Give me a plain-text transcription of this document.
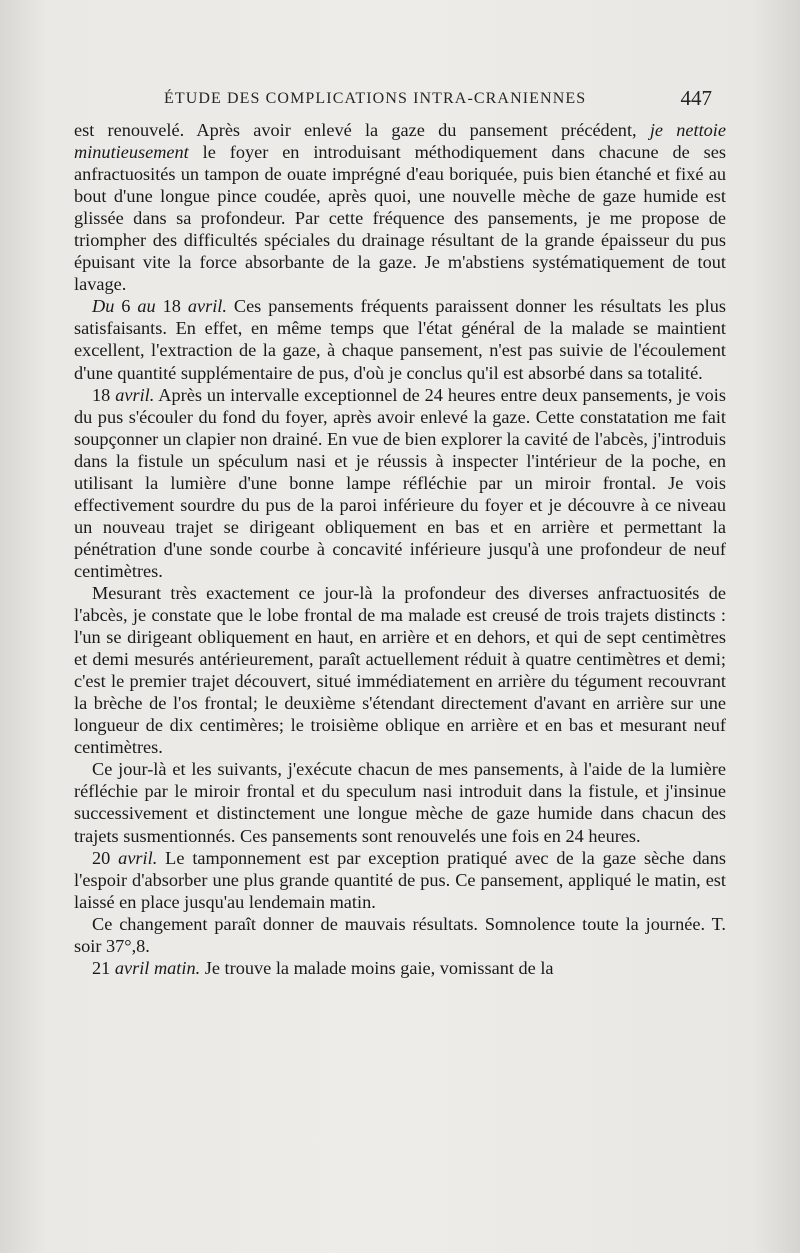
ÉTUDE DES COMPLICATIONS INTRA-CRANIENNES	447

est renouvelé. Après avoir enlevé la gaze du pansement précédent, je nettoie minutieusement le foyer en introduisant méthodiquement dans chacune de ses anfractuosités un tampon de ouate imprégné d'eau boriquée, puis bien étanché et fixé au bout d'une longue pince coudée, après quoi, une nouvelle mèche de gaze humide est glissée dans sa profondeur. Par cette fréquence des pansements, je me propose de triompher des difficultés spéciales du drainage résultant de la grande épaisseur du pus épuisant vite la force absorbante de la gaze. Je m'abstiens systématiquement de tout lavage.

Du 6 au 18 avril. Ces pansements fréquents paraissent donner les résultats les plus satisfaisants. En effet, en même temps que l'état général de la malade se maintient excellent, l'extraction de la gaze, à chaque pansement, n'est pas suivie de l'écoulement d'une quantité supplémentaire de pus, d'où je conclus qu'il est absorbé dans sa totalité.

18 avril. Après un intervalle exceptionnel de 24 heures entre deux pansements, je vois du pus s'écouler du fond du foyer, après avoir enlevé la gaze. Cette constatation me fait soupçonner un clapier non drainé. En vue de bien explorer la cavité de l'abcès, j'introduis dans la fistule un spéculum nasi et je réussis à inspecter l'intérieur de la poche, en utilisant la lumière d'une bonne lampe réfléchie par un miroir frontal. Je vois effectivement sourdre du pus de la paroi inférieure du foyer et je découvre à ce niveau un nouveau trajet se dirigeant obliquement en bas et en arrière et permettant la pénétration d'une sonde courbe à concavité inférieure jusqu'à une profondeur de neuf centimètres.

Mesurant très exactement ce jour-là la profondeur des diverses anfractuosités de l'abcès, je constate que le lobe frontal de ma malade est creusé de trois trajets distincts : l'un se dirigeant obliquement en haut, en arrière et en dehors, et qui de sept centimètres et demi mesurés antérieurement, paraît actuellement réduit à quatre centimètres et demi; c'est le premier trajet découvert, situé immédiatement en arrière du tégument recouvrant la brèche de l'os frontal; le deuxième s'étendant directement d'avant en arrière sur une longueur de dix centimères; le troisième oblique en arrière et en bas et mesurant neuf centimètres.

Ce jour-là et les suivants, j'exécute chacun de mes pansements, à l'aide de la lumière réfléchie par le miroir frontal et du speculum nasi introduit dans la fistule, et j'insinue successivement et distinctement une longue mèche de gaze humide dans chacun des trajets susmentionnés. Ces pansements sont renouvelés une fois en 24 heures.

20 avril. Le tamponnement est par exception pratiqué avec de la gaze sèche dans l'espoir d'absorber une plus grande quantité de pus. Ce pansement, appliqué le matin, est laissé en place jusqu'au lendemain matin.

Ce changement paraît donner de mauvais résultats. Somnolence toute la journée. T. soir 37°,8.

21 avril matin. Je trouve la malade moins gaie, vomissant de la
